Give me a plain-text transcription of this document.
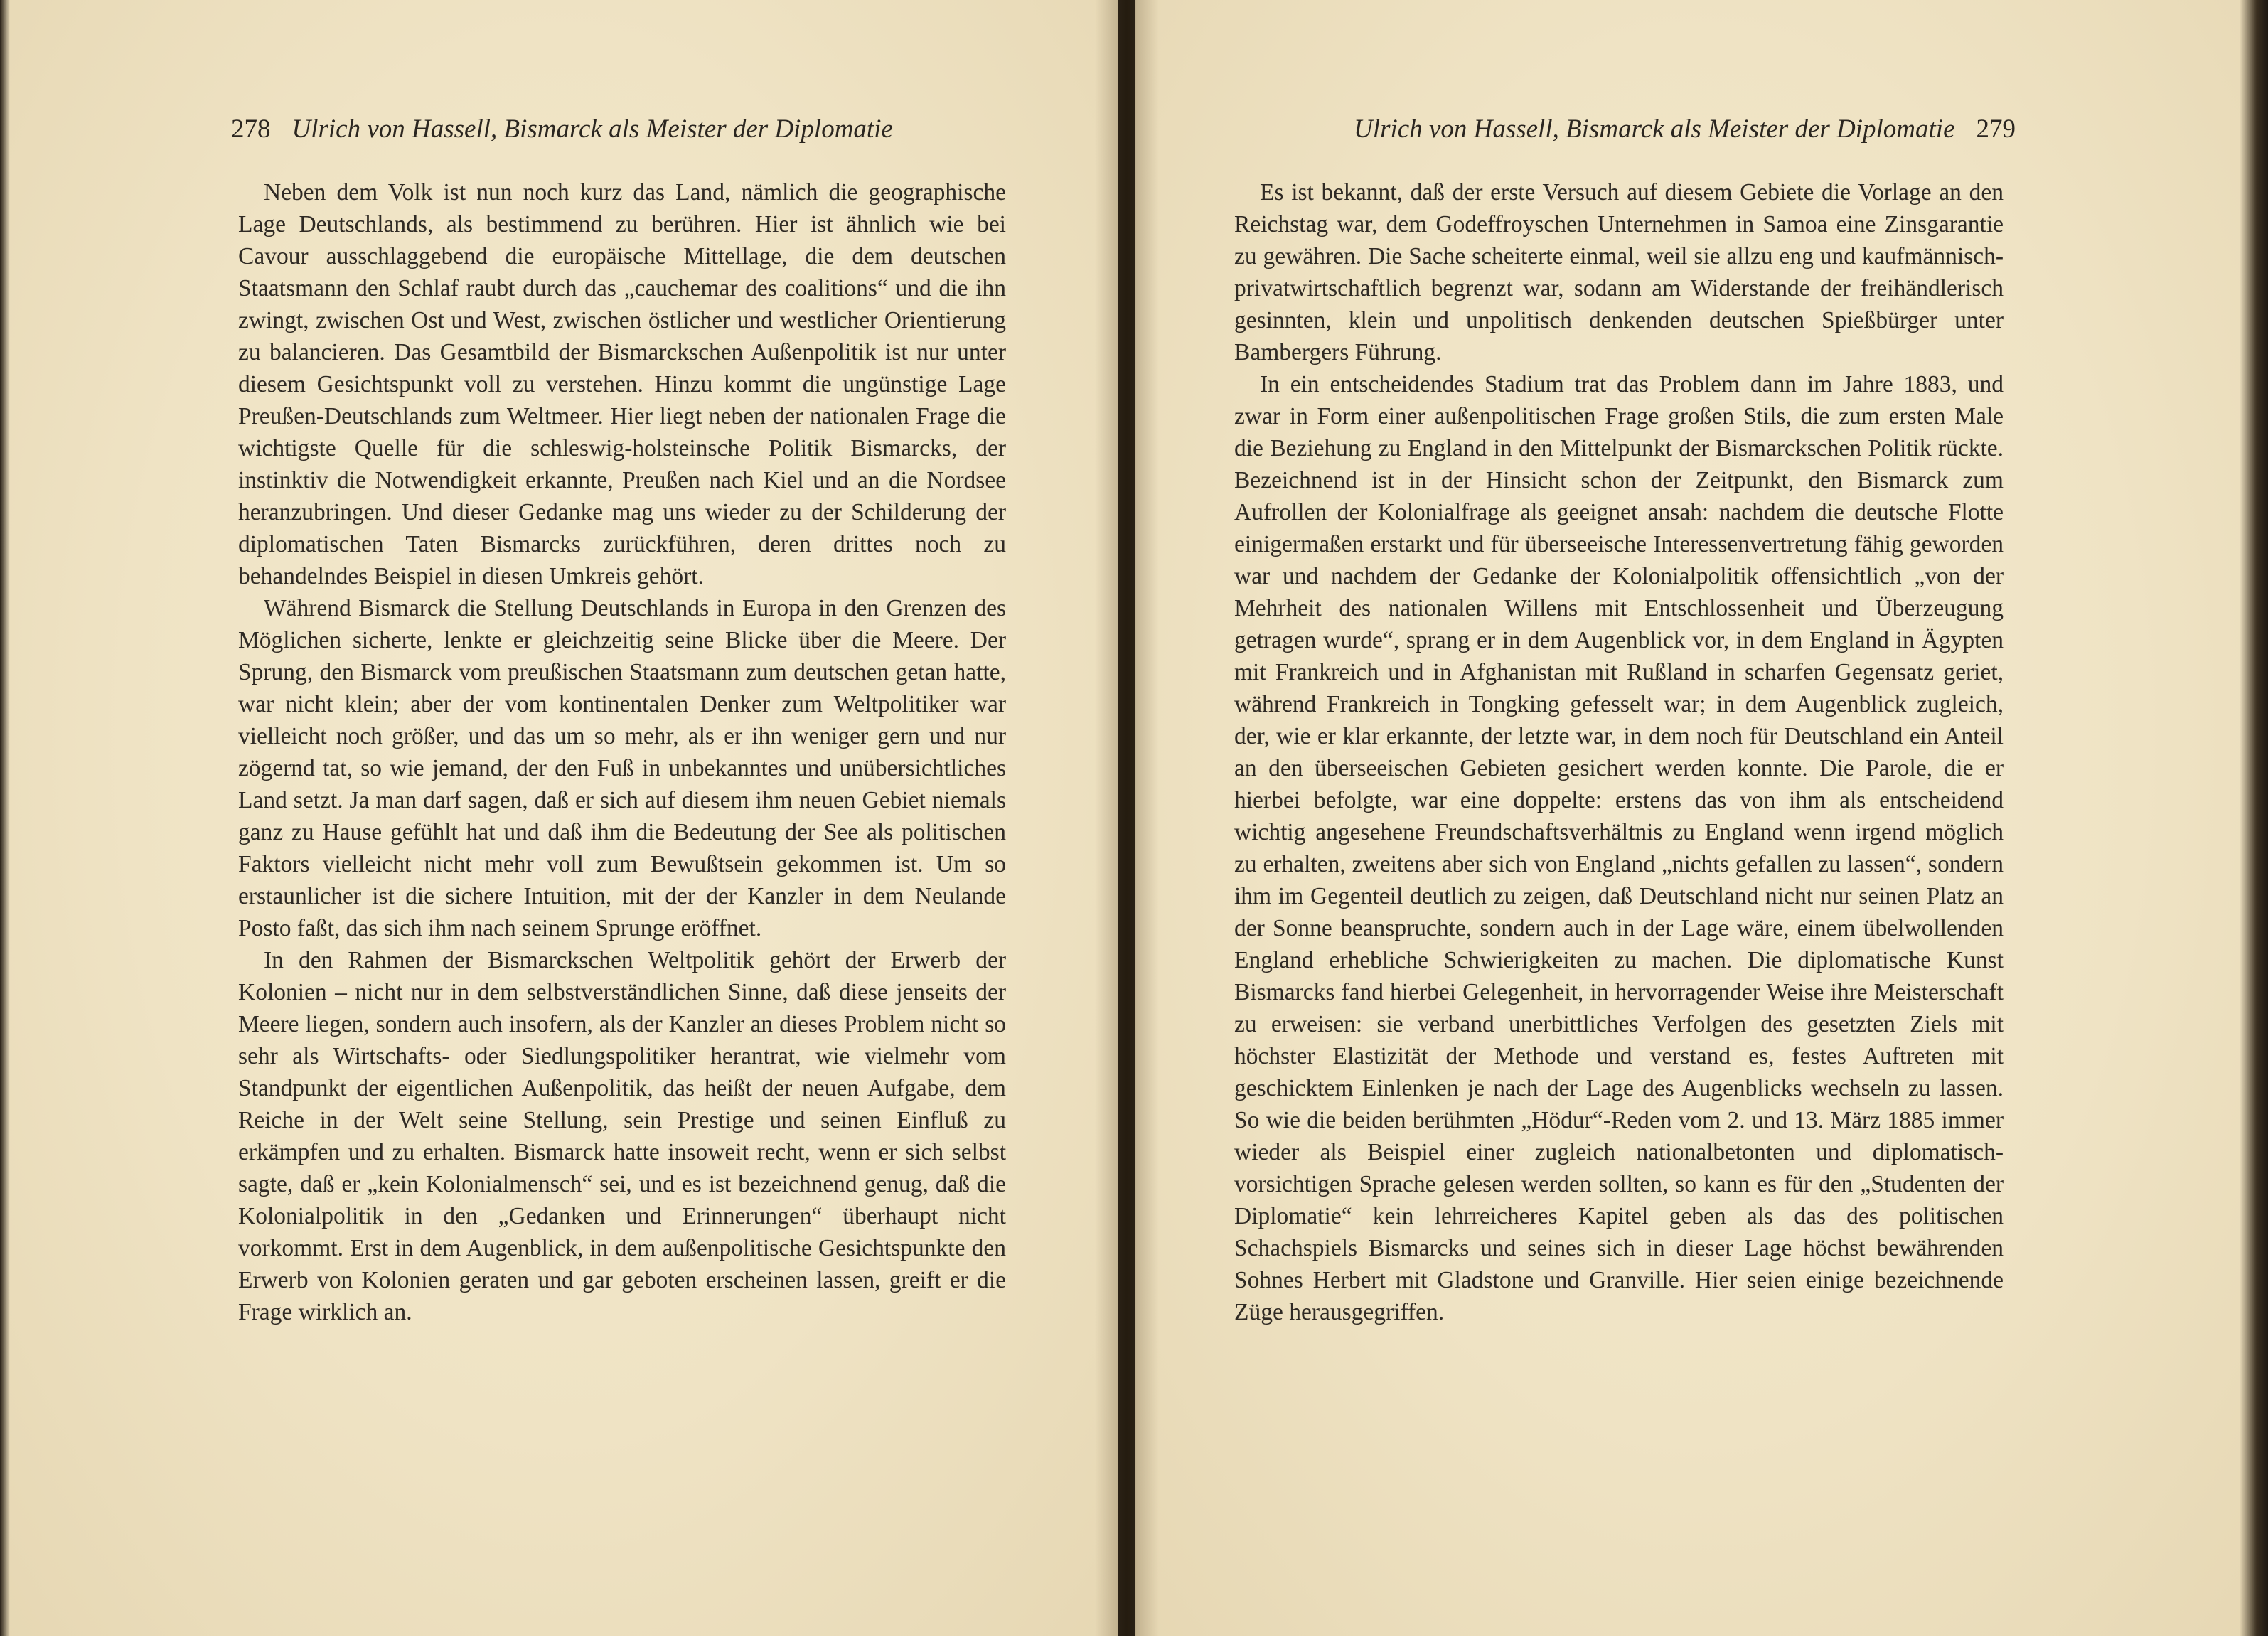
278 Ulrich von Hassell, Bismarck als Meister der Diplomatie

Neben dem Volk ist nun noch kurz das Land, nämlich die geographische Lage Deutschlands, als bestimmend zu berühren. Hier ist ähnlich wie bei Cavour ausschlaggebend die europäische Mittellage, die dem deutschen Staatsmann den Schlaf raubt durch das „cauchemar des coalitions“ und die ihn zwingt, zwischen Ost und West, zwischen östlicher und westlicher Orientierung zu balancieren. Das Gesamtbild der Bismarckschen Außenpolitik ist nur unter diesem Gesichtspunkt voll zu verstehen. Hinzu kommt die ungünstige Lage Preußen-Deutschlands zum Weltmeer. Hier liegt neben der nationalen Frage die wichtigste Quelle für die schleswig-holsteinsche Politik Bismarcks, der instinktiv die Notwendigkeit erkannte, Preußen nach Kiel und an die Nordsee heranzubringen. Und dieser Gedanke mag uns wieder zu der Schilderung der diplomatischen Taten Bismarcks zurückführen, deren drittes noch zu behandelndes Beispiel in diesen Umkreis gehört.

Während Bismarck die Stellung Deutschlands in Europa in den Grenzen des Möglichen sicherte, lenkte er gleichzeitig seine Blicke über die Meere. Der Sprung, den Bismarck vom preußischen Staatsmann zum deutschen getan hatte, war nicht klein; aber der vom kontinentalen Denker zum Weltpolitiker war vielleicht noch größer, und das um so mehr, als er ihn weniger gern und nur zögernd tat, so wie jemand, der den Fuß in unbekanntes und unübersichtliches Land setzt. Ja man darf sagen, daß er sich auf diesem ihm neuen Gebiet niemals ganz zu Hause gefühlt hat und daß ihm die Bedeutung der See als politischen Faktors vielleicht nicht mehr voll zum Bewußtsein gekommen ist. Um so erstaunlicher ist die sichere Intuition, mit der der Kanzler in dem Neulande Posto faßt, das sich ihm nach seinem Sprunge eröffnet.

In den Rahmen der Bismarckschen Weltpolitik gehört der Erwerb der Kolonien – nicht nur in dem selbstverständlichen Sinne, daß diese jenseits der Meere liegen, sondern auch insofern, als der Kanzler an dieses Problem nicht so sehr als Wirtschafts- oder Siedlungspolitiker herantrat, wie vielmehr vom Standpunkt der eigentlichen Außenpolitik, das heißt der neuen Aufgabe, dem Reiche in der Welt seine Stellung, sein Prestige und seinen Einfluß zu erkämpfen und zu erhalten. Bismarck hatte insoweit recht, wenn er sich selbst sagte, daß er „kein Kolonialmensch“ sei, und es ist bezeichnend genug, daß die Kolonialpolitik in den „Gedanken und Erinnerungen“ überhaupt nicht vorkommt. Erst in dem Augenblick, in dem außenpolitische Gesichtspunkte den Erwerb von Kolonien geraten und gar geboten erscheinen lassen, greift er die Frage wirklich an.

Ulrich von Hassell, Bismarck als Meister der Diplomatie 279

Es ist bekannt, daß der erste Versuch auf diesem Gebiete die Vorlage an den Reichstag war, dem Godeffroyschen Unternehmen in Samoa eine Zinsgarantie zu gewähren. Die Sache scheiterte einmal, weil sie allzu eng und kaufmännisch-privatwirtschaftlich begrenzt war, sodann am Widerstande der freihändlerisch gesinnten, klein und unpolitisch denkenden deutschen Spießbürger unter Bambergers Führung.

In ein entscheidendes Stadium trat das Problem dann im Jahre 1883, und zwar in Form einer außenpolitischen Frage großen Stils, die zum ersten Male die Beziehung zu England in den Mittelpunkt der Bismarckschen Politik rückte. Bezeichnend ist in der Hinsicht schon der Zeitpunkt, den Bismarck zum Aufrollen der Kolonialfrage als geeignet ansah: nachdem die deutsche Flotte einigermaßen erstarkt und für überseeische Interessenvertretung fähig geworden war und nachdem der Gedanke der Kolonialpolitik offensichtlich „von der Mehrheit des nationalen Willens mit Entschlossenheit und Überzeugung getragen wurde“, sprang er in dem Augenblick vor, in dem England in Ägypten mit Frankreich und in Afghanistan mit Rußland in scharfen Gegensatz geriet, während Frankreich in Tongking gefesselt war; in dem Augenblick zugleich, der, wie er klar erkannte, der letzte war, in dem noch für Deutschland ein Anteil an den überseeischen Gebieten gesichert werden konnte. Die Parole, die er hierbei befolgte, war eine doppelte: erstens das von ihm als entscheidend wichtig angesehene Freundschaftsverhältnis zu England wenn irgend möglich zu erhalten, zweitens aber sich von England „nichts gefallen zu lassen“, sondern ihm im Gegenteil deutlich zu zeigen, daß Deutschland nicht nur seinen Platz an der Sonne beanspruchte, sondern auch in der Lage wäre, einem übelwollenden England erhebliche Schwierigkeiten zu machen. Die diplomatische Kunst Bismarcks fand hierbei Gelegenheit, in hervorragender Weise ihre Meisterschaft zu erweisen: sie verband unerbittliches Verfolgen des gesetzten Ziels mit höchster Elastizität der Methode und verstand es, festes Auftreten mit geschicktem Einlenken je nach der Lage des Augenblicks wechseln zu lassen. So wie die beiden berühmten „Hödur“-Reden vom 2. und 13. März 1885 immer wieder als Beispiel einer zugleich nationalbetonten und diplomatisch-vorsichtigen Sprache gelesen werden sollten, so kann es für den „Studenten der Diplomatie“ kein lehrreicheres Kapitel geben als das des politischen Schachspiels Bismarcks und seines sich in dieser Lage höchst bewährenden Sohnes Herbert mit Gladstone und Granville. Hier seien einige bezeichnende Züge herausgegriffen.
